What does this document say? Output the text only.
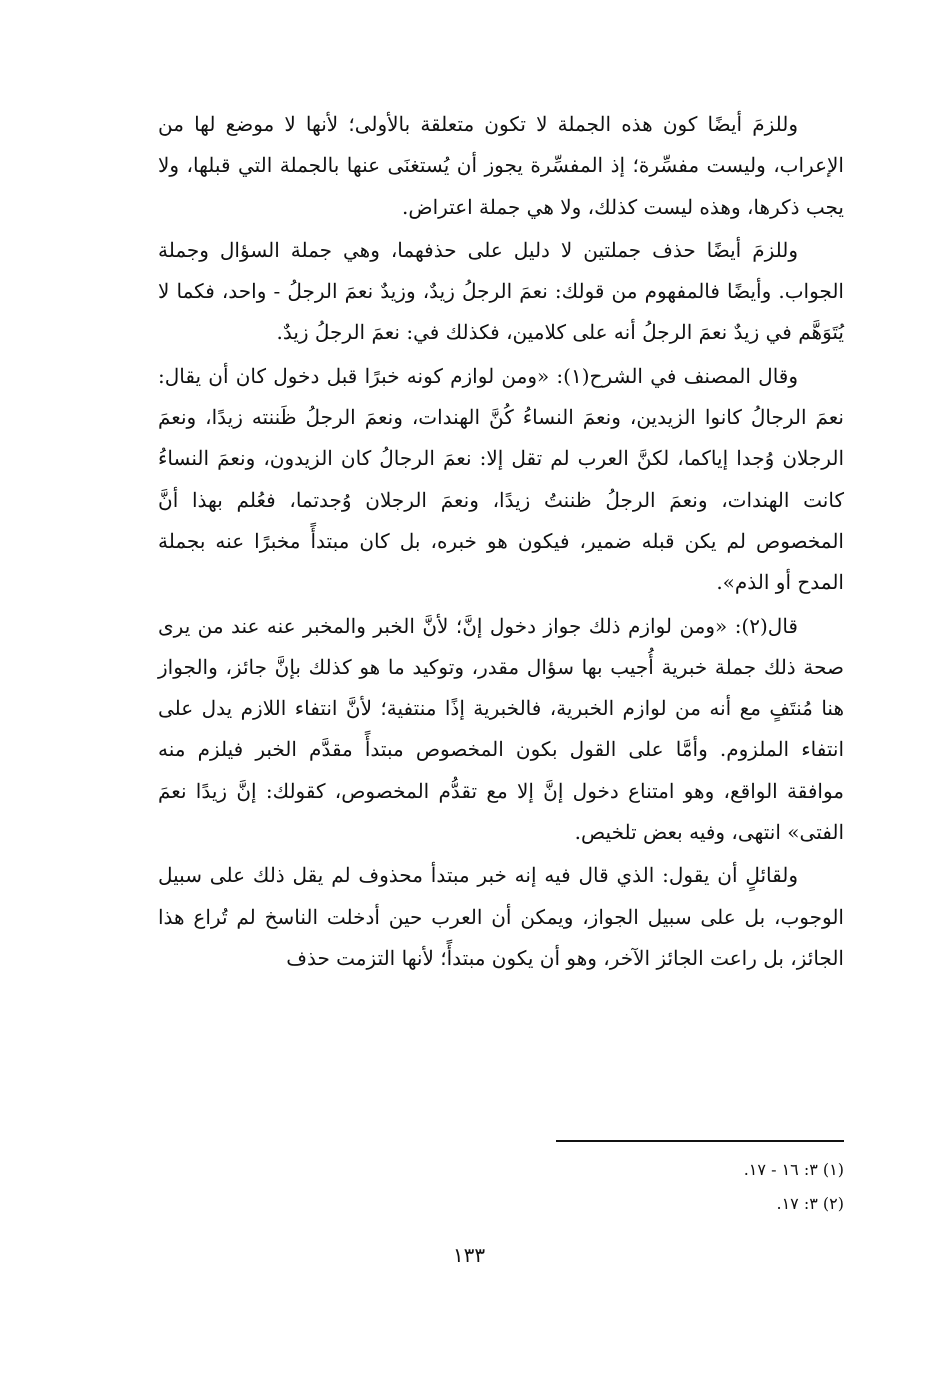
وللزمَ أيضًا كون هذه الجملة لا تكون متعلقة بالأولى؛ لأنها لا موضع لها من الإعراب، وليست مفسِّرة؛ إذ المفسِّرة يجوز أن يُستغنَى عنها بالجملة التي قبلها، ولا يجب ذكرها، وهذه ليست كذلك، ولا هي جملة اعتراض.

وللزمَ أيضًا حذف جملتين لا دليل على حذفهما، وهي جملة السؤال وجملة الجواب. وأيضًا فالمفهوم من قولك: نعمَ الرجلُ زيدٌ، وزيدٌ نعمَ الرجلُ - واحد، فكما لا يُتَوَهَّم في زيدٌ نعمَ الرجلُ أنه على كلامين، فكذلك في: نعمَ الرجلُ زيدٌ.

وقال المصنف في الشرح(١): «ومن لوازم كونه خبرًا قبل دخول كان أن يقال: نعمَ الرجالُ كانوا الزيدين، ونعمَ النساءُ كُنَّ الهندات، ونعمَ الرجلُ ظَننته زيدًا، ونعمَ الرجلان وُجدا إياكما، لكنَّ العرب لم تقل إلا: نعمَ الرجالُ كان الزيدون، ونعمَ النساءُ كانت الهندات، ونعمَ الرجلُ ظننتُ زيدًا، ونعمَ الرجلان وُجدتما، فعُلم بهذا أنَّ المخصوص لم يكن قبله ضمير، فيكون هو خبره، بل كان مبتدأً مخبرًا عنه بجملة المدح أو الذم».

قال(٢): «ومن لوازم ذلك جواز دخول إنَّ؛ لأنَّ الخبر والمخبر عنه عند من يرى صحة ذلك جملة خبرية أُجيب بها سؤال مقدر، وتوكيد ما هو كذلك بإنَّ جائز، والجواز هنا مُنتَفٍ مع أنه من لوازم الخبرية، فالخبرية إذًا منتفية؛ لأنَّ انتفاء اللازم يدل على انتفاء الملزوم. وأمَّا على القول بكون المخصوص مبتدأً مقدَّم الخبر فيلزم منه موافقة الواقع، وهو امتناع دخول إنَّ إلا مع تقدُّم المخصوص، كقولك: إنَّ زيدًا نعمَ الفتى» انتهى، وفيه بعض تلخيص.

ولقائلٍ أن يقول: الذي قال فيه إنه خبر مبتدأ محذوف لم يقل ذلك على سبيل الوجوب، بل على سبيل الجواز، ويمكن أن العرب حين أدخلت الناسخ لم تُراع هذا الجائز، بل راعت الجائز الآخر، وهو أن يكون مبتدأً؛ لأنها التزمت حذف

(١) ٣: ١٦ - ١٧.

(٢) ٣: ١٧.

١٣٣
